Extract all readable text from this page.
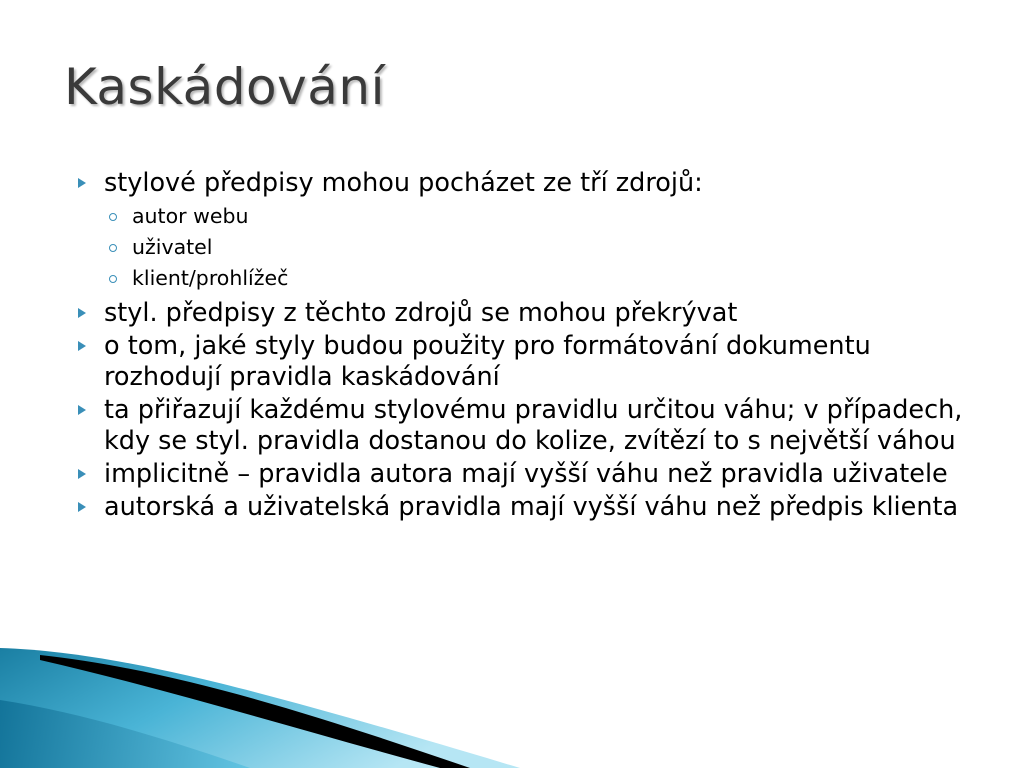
Kaskádování
stylové předpisy mohou pocházet ze tří zdrojů:
autor webu
uživatel
klient/prohlížeč
styl. předpisy z těchto zdrojů se mohou překrývat
o tom, jaké styly budou použity pro formátování dokumentu rozhodují pravidla kaskádování
ta přiřazují každému stylovému pravidlu určitou váhu; v případech, kdy se styl. pravidla dostanou do kolize, zvítězí to s největší váhou
implicitně – pravidla autora mají vyšší váhu než pravidla uživatele
autorská a uživatelská pravidla mají vyšší váhu než předpis klienta
